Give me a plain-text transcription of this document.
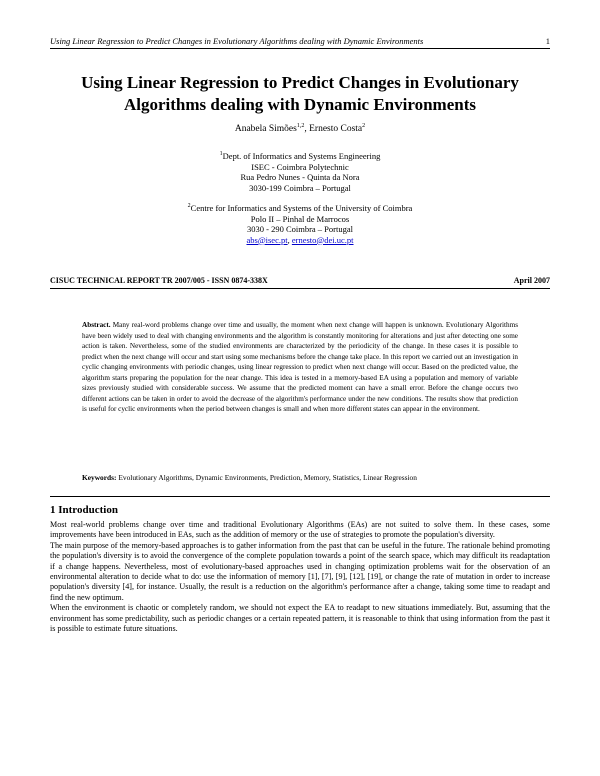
Using Linear Regression to Predict Changes in Evolutionary Algorithms dealing with Dynamic Environments	1
Using Linear Regression to Predict Changes in Evolutionary
Algorithms dealing with Dynamic Environments
Anabela Simões$^{1,2}$, Ernesto Costa$^2$
$^1$Dept. of Informatics and Systems Engineering
ISEC - Coimbra Polytechnic
Rua Pedro Nunes - Quinta da Nora
3030-199 Coimbra – Portugal
$^2$Centre for Informatics and Systems of the University of Coimbra
Polo II – Pinhal de Marrocos
3030 - 290 Coimbra – Portugal
abs@isec.pt, ernesto@dei.uc.pt
CISUC TECHNICAL REPORT TR 2007/005 - ISSN 0874-338X	April 2007
Abstract. Many real-word problems change over time and usually, the moment when next change will happen is unknown. Evolutionary Algorithms have been widely used to deal with changing environments and the algorithm is constantly monitoring for alterations and just after detecting one some action is taken. Nevertheless, some of the studied environments are characterized by the periodicity of the change. In these cases it is possible to predict when the next change will occur and start using some mechanisms before the change take place. In this report we carried out an investigation in cyclic changing environments with periodic changes, using linear regression to predict when next change will occur. Based on the predicted value, the algorithm starts preparing the population for the near change. This idea is tested in a memory-based EA using a population and memory of variable sizes previously studied with considerable success. We assume that the predicted moment can have a small error. Before the change occurs two different actions can be taken in order to avoid the decrease of the algorithm's performance under the new conditions. The results show that prediction is useful for cyclic environments when the period between changes is small and when more different states can appear in the environment.
Keywords: Evolutionary Algorithms, Dynamic Environments, Prediction, Memory, Statistics, Linear Regression
1 Introduction

Most real-world problems change over time and traditional Evolutionary Algorithms (EAs) are not suited to solve them. In these cases, some improvements have been introduced in EAs, such as the addition of memory or the use of strategies to promote the population's diversity.

The main purpose of the memory-based approaches is to gather information from the past that can be useful in the future. The rationale behind promoting the population's diversity is to avoid the convergence of the complete population towards a point of the search space, which may difficult its readaptation if a change happens. Nevertheless, most of evolutionary-based approaches used in changing optimization problems wait for the observation of an environmental alteration to decide what to do: use the information of memory [1], [7], [9], [12], [19], or change the rate of mutation in order to increase population's diversity [4], for instance. Usually, the result is a reduction on the algorithm's performance after a change, taking some time to readapt and find the new optimum.

When the environment is chaotic or completely random, we should not expect the EA to readapt to new situations immediately. But, assuming that the environment has some predictability, such as periodic changes or a certain repeated pattern, it is reasonable to think that using information from the past it is possible to estimate future situations.
